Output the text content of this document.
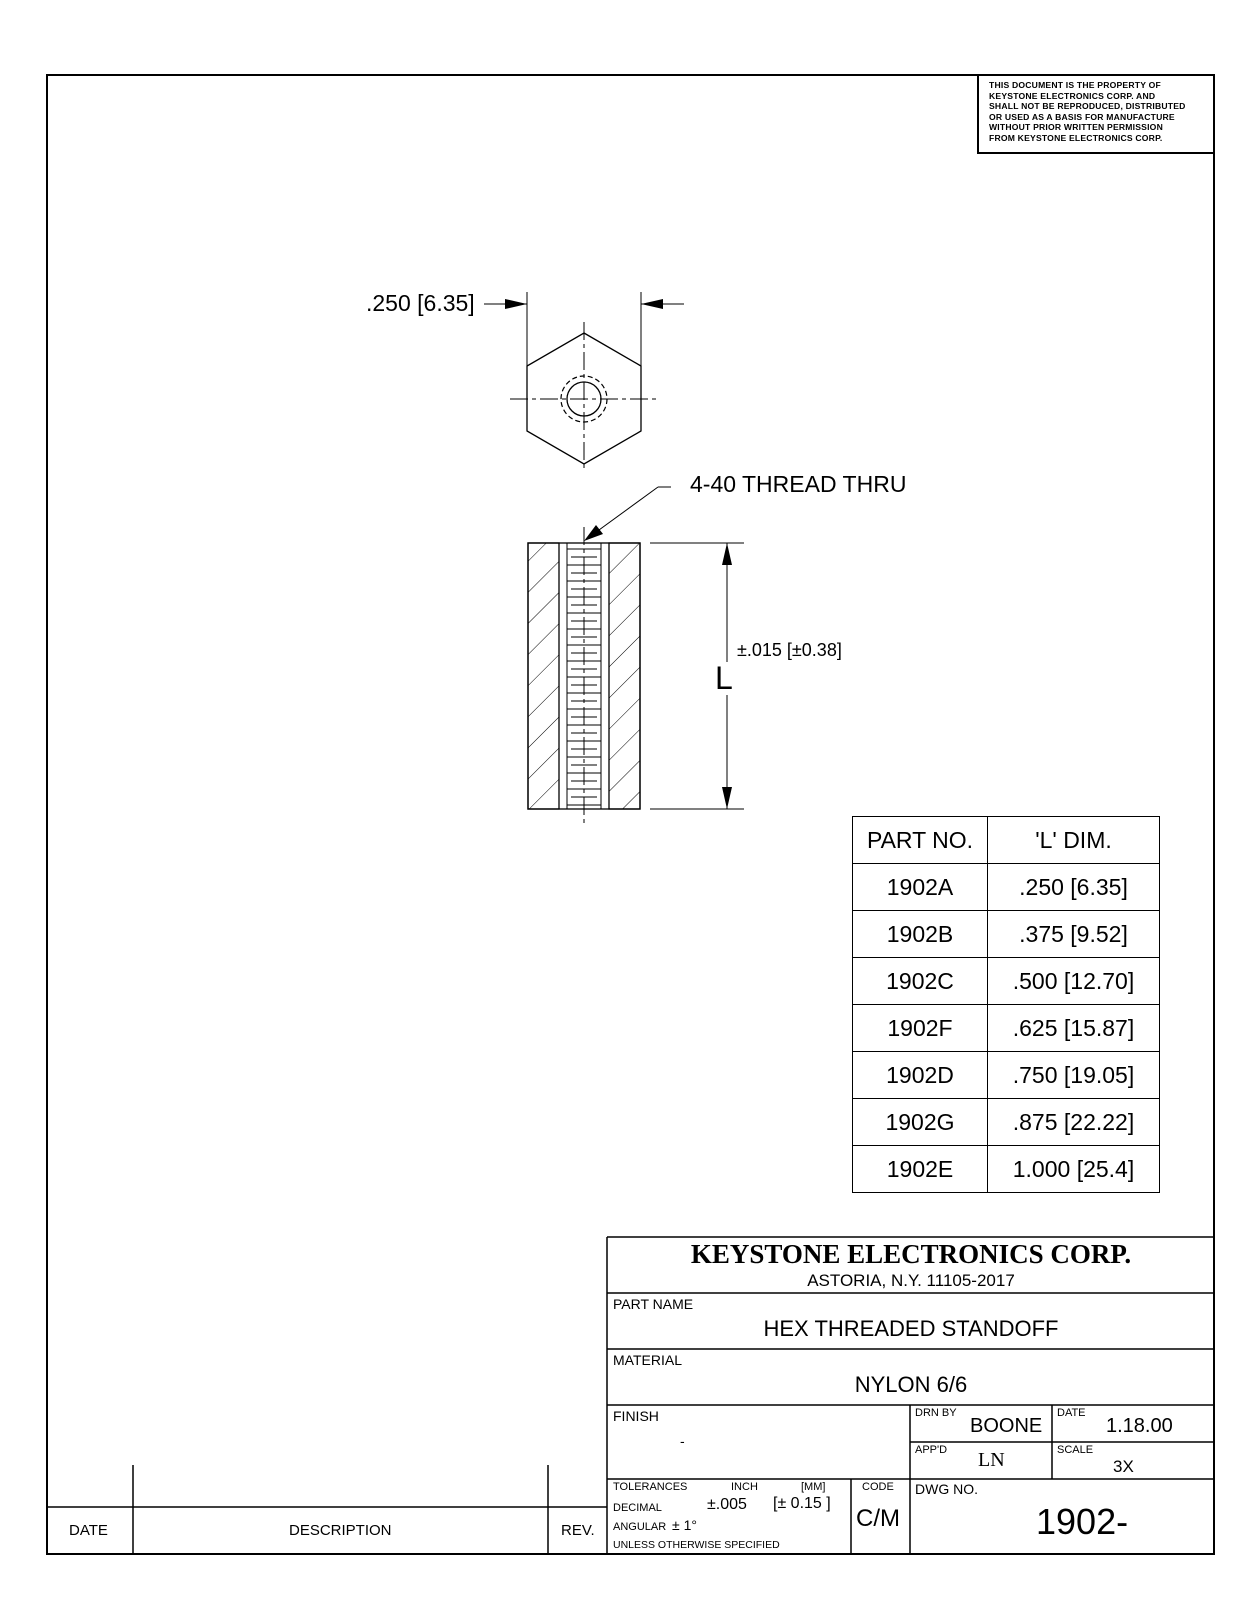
THIS DOCUMENT IS THE PROPERTY OF
KEYSTONE ELECTRONICS CORP. AND
SHALL NOT BE REPRODUCED, DISTRIBUTED
OR USED AS A BASIS FOR MANUFACTURE
WITHOUT PRIOR WRITTEN PERMISSION
FROM KEYSTONE ELECTRONICS CORP.
.250 [6.35]
4-40 THREAD THRU
L
±.015 [±0.38]
PART NO.	'L' DIM.
1902A	.250 [6.35]
1902B	.375 [9.52]
1902C	.500 [12.70]
1902F	.625 [15.87]
1902D	.750 [19.05]
1902G	.875 [22.22]
1902E	1.000 [25.4]
KEYSTONE ELECTRONICS CORP.
ASTORIA, N.Y. 11105-2017
PART NAME
HEX THREADED STANDOFF
MATERIAL
NYLON 6/6
FINISH
-
DRN BY
BOONE
DATE
1.18.00
APP'D LN	SCALE
3X
TOLERANCES	INCH	[MM]	CODE
DECIMAL	±.005 [± 0.15 ]
ANGULAR ± 1°
UNLESS OTHERWISE SPECIFIED
C/M
DWG NO.
1902-
DATE	DESCRIPTION	REV.
